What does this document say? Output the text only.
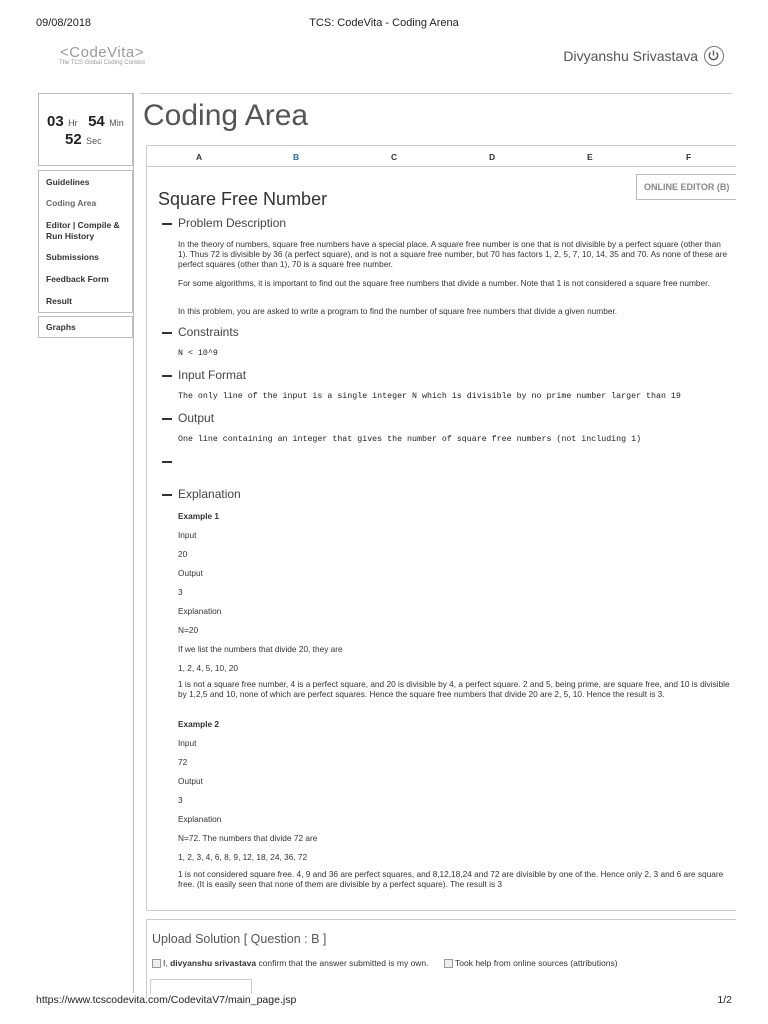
09/08/2018	TCS: CodeVita - Coding Arena
<CodeVita>
The TCS Global Coding Contest	Divyanshu Srivastava
03 Hr 54 Min
52 Sec
Guidelines
Coding Area
Editor | Compile & Run History
Submissions
Feedback Form
Result
Graphs
Coding Area
A	B	C	D	E	F
ONLINE EDITOR (B)
Square Free Number
Problem Description
In the theory of numbers, square free numbers have a special place. A square free number is one that is not divisible by a perfect square (other than 1). Thus 72 is divisible by 36 (a perfect square), and is not a square free number, but 70 has factors 1, 2, 5, 7, 10, 14, 35 and 70. As none of these are perfect squares (other than 1), 70 is a square free number.
For some algorithms, it is important to find out the square free numbers that divide a number. Note that 1 is not considered a square free number.
In this problem, you are asked to write a program to find the number of square free numbers that divide a given number.
Constraints
N < 10^9
Input Format
The only line of the input is a single integer N which is divisible by no prime number larger than 19
Output
One line containing an integer that gives the number of square free numbers (not including 1)
Explanation
Example 1
Input
20
Output
3
Explanation
N=20
If we list the numbers that divide 20, they are
1, 2, 4, 5, 10, 20
1 is not a square free number, 4 is a perfect square, and 20 is divisible by 4, a perfect square. 2 and 5, being prime, are square free, and 10 is divisible by 1,2,5 and 10, none of which are perfect squares. Hence the square free numbers that divide 20 are 2, 5, 10. Hence the result is 3.
Example 2
Input
72
Output
3
Explanation
N=72. The numbers that divide 72 are
1, 2, 3, 4, 6, 8, 9, 12, 18, 24, 36, 72
1 is not considered square free. 4, 9 and 36 are perfect squares, and 8,12,18,24 and 72 are divisible by one of the. Hence only 2, 3 and 6 are square free. (It is easily seen that none of them are divisible by a perfect square). The result is 3
Upload Solution [ Question : B ]
I, divyanshu srivastava confirm that the answer submitted is my own.	Took help from online sources (attributions)
https://www.tcscodevita.com/CodevitaV7/main_page.jsp	1/2
